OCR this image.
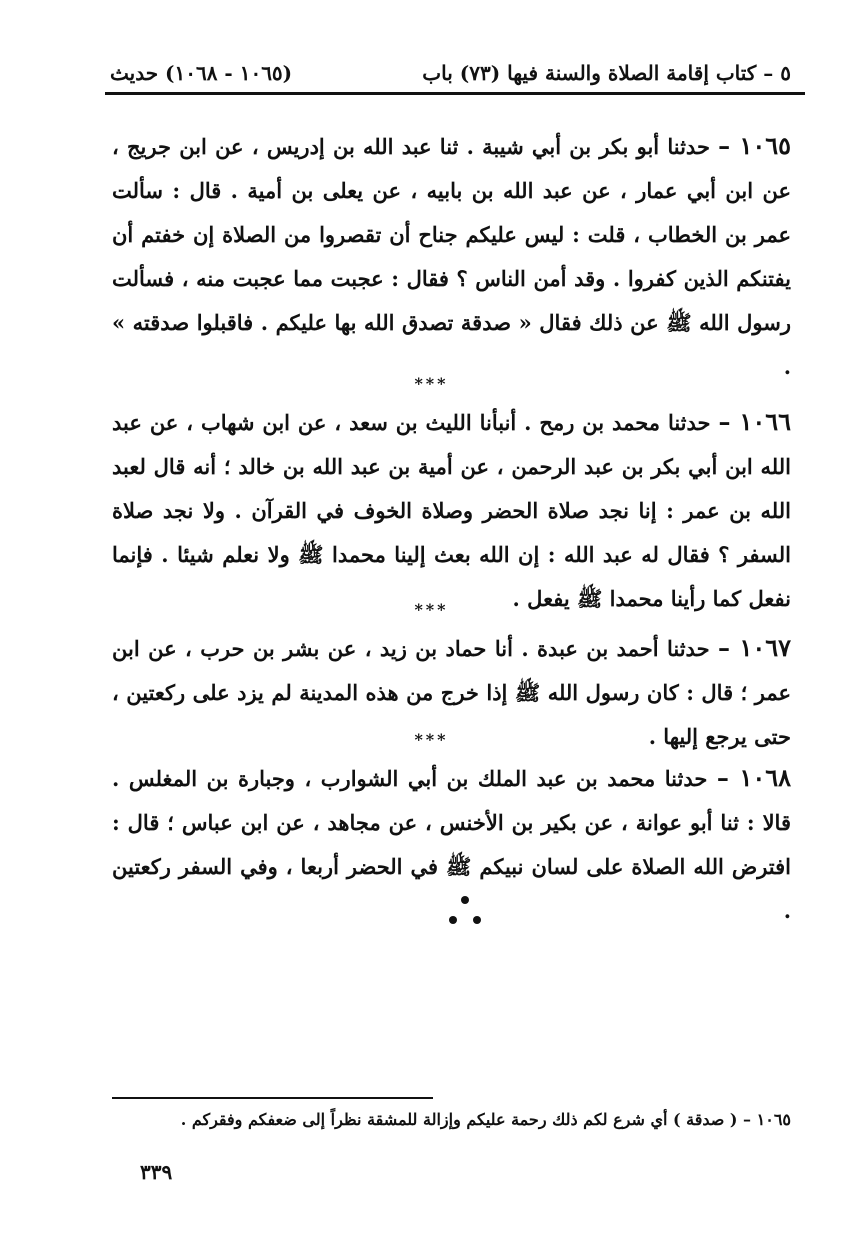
٥ – كتاب إقامة الصلاة والسنة فيها (٧٣) باب
(١٠٦٥ - ١٠٦٨) حديث
١٠٦٥ – حدثنا أبو بكر بن أبي شيبة . ثنا عبد الله بن إدريس ، عن ابن جريج ، عن ابن أبي عمار ، عن عبد الله بن بابيه ، عن يعلى بن أمية . قال : سألت عمر بن الخطاب ، قلت : ليس عليكم جناح أن تقصروا من الصلاة إن خفتم أن يفتنكم الذين كفروا . وقد أمن الناس ؟ فقال : عجبت مما عجبت منه ، فسألت رسول الله ﷺ عن ذلك فقال « صدقة تصدق الله بها عليكم . فاقبلوا صدقته » .
***
١٠٦٦ – حدثنا محمد بن رمح . أنبأنا الليث بن سعد ، عن ابن شهاب ، عن عبد الله ابن أبي بكر بن عبد الرحمن ، عن أمية بن عبد الله بن خالد ؛ أنه قال لعبد الله بن عمر : إنا نجد صلاة الحضر وصلاة الخوف في القرآن . ولا نجد صلاة السفر ؟ فقال له عبد الله : إن الله بعث إلينا محمدا ﷺ ولا نعلم شيئا . فإنما نفعل كما رأينا محمدا ﷺ يفعل .
***
١٠٦٧ – حدثنا أحمد بن عبدة . أنا حماد بن زيد ، عن بشر بن حرب ، عن ابن عمر ؛ قال : كان رسول الله ﷺ إذا خرج من هذه المدينة لم يزد على ركعتين ، حتى يرجع إليها .
***
١٠٦٨ – حدثنا محمد بن عبد الملك بن أبي الشوارب ، وجبارة بن المغلس . قالا : ثنا أبو عوانة ، عن بكير بن الأخنس ، عن مجاهد ، عن ابن عباس ؛ قال : افترض الله الصلاة على لسان نبيكم ﷺ في الحضر أربعا ، وفي السفر ركعتين .
١٠٦٥ – ( صدقة ) أي شرع لكم ذلك رحمة عليكم وإزالة للمشقة نظراً إلى ضعفكم وفقركم .
٣٣٩
